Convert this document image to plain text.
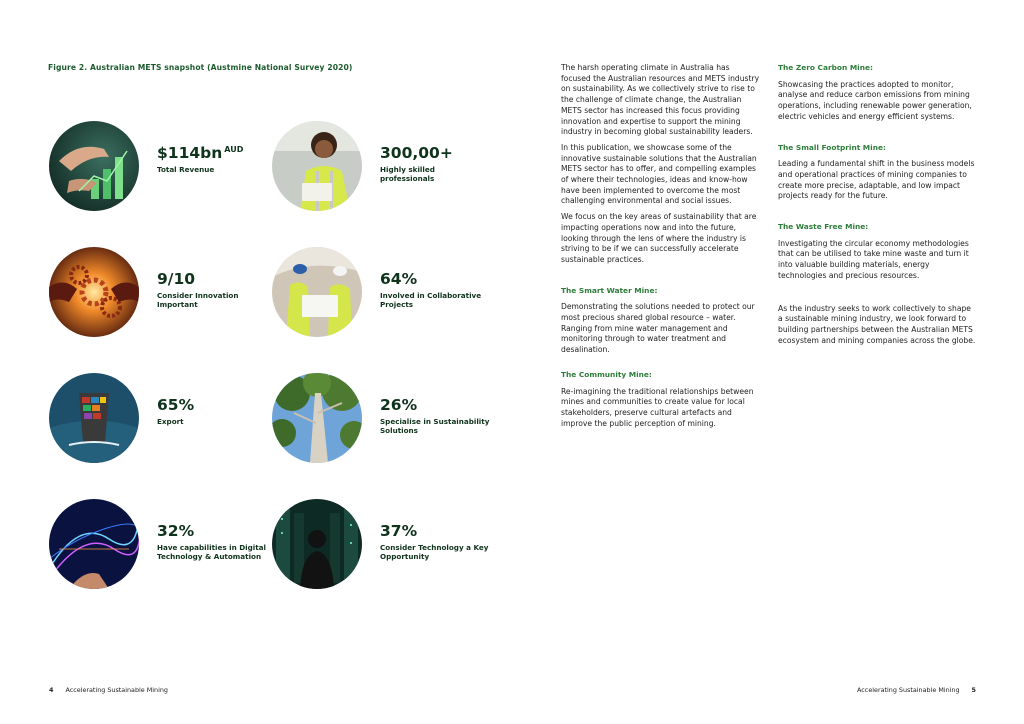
Figure 2. Australian METS snapshot (Austmine National Survey 2020)
$114bn $^{AUD}$
Total Revenue
300,00+
Highly skilled professionals
9/10
Consider Innovation Important
64%
Involved in Collaborative Projects
65%
Export
26%
Specialise in Sustainability Solutions
32%
Have capabilities in Digital Technology & Automation
37%
Consider Technology a Key Opportunity

The harsh operating climate in Australia has focused the Australian resources and METS industry on sustainability. As we collectively strive to rise to the challenge of climate change, the Australian METS sector has increased this focus providing innovation and expertise to support the mining industry in becoming global sustainability leaders.

In this publication, we showcase some of the innovative sustainable solutions that the Australian METS sector has to offer, and compelling examples of where their technologies, ideas and know-how have been implemented to overcome the most challenging environmental and social issues.

We focus on the key areas of sustainability that are impacting operations now and into the future, looking through the lens of where the industry is striving to be if we can successfully accelerate sustainable practices.

The Smart Water Mine:

Demonstrating the solutions needed to protect our most precious shared global resource – water. Ranging from mine water management and monitoring through to water treatment and desalination.

The Community Mine:

Re-imagining the traditional relationships between mines and communities to create value for local stakeholders, preserve cultural artefacts and improve the public perception of mining.

The Zero Carbon Mine:

Showcasing the practices adopted to monitor, analyse and reduce carbon emissions from mining operations, including renewable power generation, electric vehicles and energy efficient systems.

The Small Footprint Mine:

Leading a fundamental shift in the business models and operational practices of mining companies to create more precise, adaptable, and low impact projects ready for the future.

The Waste Free Mine:

Investigating the circular economy methodologies that can be utilised to take mine waste and turn it into valuable building materials, energy technologies and precious resources.

As the industry seeks to work collectively to shape a sustainable mining industry, we look forward to building partnerships between the Australian METS ecosystem and mining companies across the globe.

4 Accelerating Sustainable Mining	Accelerating Sustainable Mining 5
